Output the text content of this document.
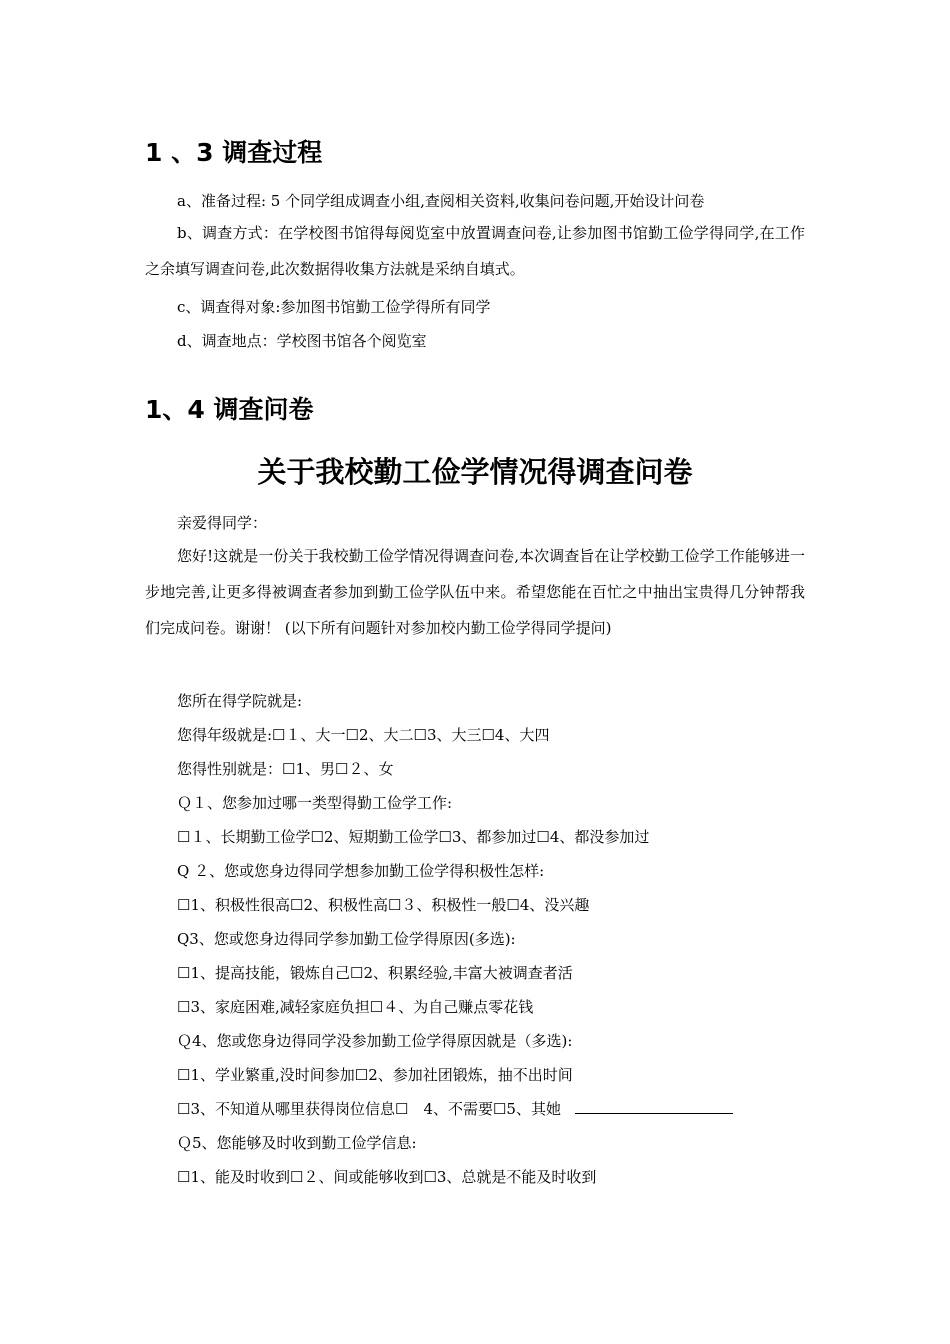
1 、3 调查过程
a、准备过程: 5 个同学组成调查小组,查阅相关资料,收集问卷问题,开始设计问卷
b、调查方式：在学校图书馆得每阅览室中放置调查问卷,让参加图书馆勤工俭学得同学,在工作之余填写调查问卷,此次数据得收集方法就是采纳自填式。
c、调查得对象:参加图书馆勤工俭学得所有同学
d、调查地点：学校图书馆各个阅览室
1、4 调查问卷
关于我校勤工俭学情况得调查问卷
亲爱得同学：
您好!这就是一份关于我校勤工俭学情况得调查问卷,本次调查旨在让学校勤工俭学工作能够进一步地完善,让更多得被调查者参加到勤工俭学队伍中来。希望您能在百忙之中抽出宝贵得几分钟帮我们完成问卷。谢谢！ (以下所有问题针对参加校内勤工俭学得同学提问)
您所在得学院就是:
您得年级就是:☐１、大一☐2、大二☐3、大三☐4、大四
您得性别就是：☐1、男☐２、女
Ｑ１、您参加过哪一类型得勤工俭学工作:
☐１、长期勤工俭学☐2、短期勤工俭学☐3、都参加过☐4、都没参加过
Q ２、您或您身边得同学想参加勤工俭学得积极性怎样:
☐1、积极性很高☐2、积极性高☐３、积极性一般☐4、没兴趣
Q3、您或您身边得同学参加勤工俭学得原因(多选):
☐1、提高技能，锻炼自己☐2、积累经验,丰富大被调查者活
☐3、家庭困难,减轻家庭负担☐４、为自己赚点零花钱
Ｑ4、您或您身边得同学没参加勤工俭学得原因就是（多选):
☐1、学业繁重,没时间参加☐2、参加社团锻炼，抽不出时间
☐3、不知道从哪里获得岗位信息☐　4、不需要☐5、其她
Ｑ5、您能够及时收到勤工俭学信息:
☐1、能及时收到☐２、间或能够收到☐3、总就是不能及时收到
